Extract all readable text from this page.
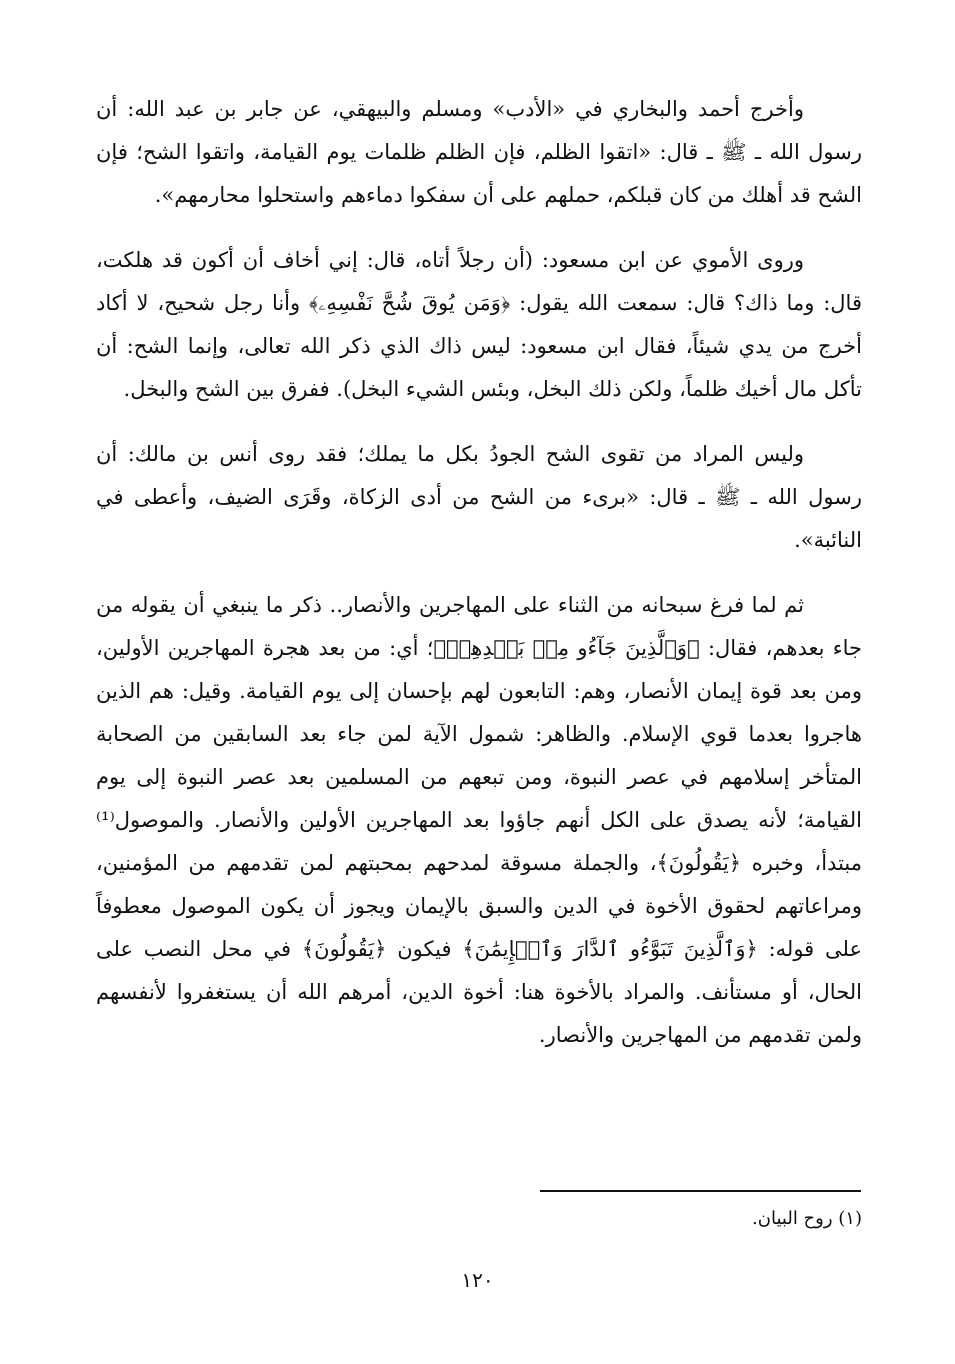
وأخرج أحمد والبخاري في «الأدب» ومسلم والبيهقي، عن جابر بن عبد الله: أن رسول الله ـ ﷺ ـ قال: «اتقوا الظلم، فإن الظلم ظلمات يوم القيامة، واتقوا الشح؛ فإن الشح قد أهلك من كان قبلكم، حملهم على أن سفكوا دماءهم واستحلوا محارمهم».

وروى الأموي عن ابن مسعود: (أن رجلاً أتاه، قال: إني أخاف أن أكون قد هلكت، قال: وما ذاك؟ قال: سمعت الله يقول: ﴿وَمَن يُوقَ شُحَّ نَفْسِهِۦ﴾ وأنا رجل شحيح، لا أكاد أخرج من يدي شيئاً، فقال ابن مسعود: ليس ذاك الذي ذكر الله تعالى، وإنما الشح: أن تأكل مال أخيك ظلماً، ولكن ذلك البخل، وبئس الشيء البخل). ففرق بين الشح والبخل.

وليس المراد من تقوى الشح الجودُ بكل ما يملك؛ فقد روى أنس بن مالك: أن رسول الله ـ ﷺ ـ قال: «برىء من الشح من أدى الزكاة، وقَرَى الضيف، وأعطى في النائبة».

ثم لما فرغ سبحانه من الثناء على المهاجرين والأنصار.. ذكر ما ينبغي أن يقوله من جاء بعدهم، فقال: ﴿وَٱلَّذِينَ جَآءُو مِنۢ بَعۡدِهِمۡ﴾؛ أي: من بعد هجرة المهاجرين الأولين، ومن بعد قوة إيمان الأنصار، وهم: التابعون لهم بإحسان إلى يوم القيامة. وقيل: هم الذين هاجروا بعدما قوي الإسلام. والظاهر: شمول الآية لمن جاء بعد السابقين من الصحابة المتأخر إسلامهم في عصر النبوة، ومن تبعهم من المسلمين بعد عصر النبوة إلى يوم القيامة؛ لأنه يصدق على الكل أنهم جاؤوا بعد المهاجرين الأولين والأنصار. والموصول⁽¹⁾ مبتدأ، وخبره ﴿يَقُولُونَ﴾، والجملة مسوقة لمدحهم بمحبتهم لمن تقدمهم من المؤمنين، ومراعاتهم لحقوق الأخوة في الدين والسبق بالإيمان ويجوز أن يكون الموصول معطوفاً على قوله: ﴿وَٱلَّذِينَ تَبَوَّءُو ٱلدَّارَ وَٱلۡإِيمَٰنَ﴾ فيكون ﴿يَقُولُونَ﴾ في محل النصب على الحال، أو مستأنف. والمراد بالأخوة هنا: أخوة الدين، أمرهم الله أن يستغفروا لأنفسهم ولمن تقدمهم من المهاجرين والأنصار.

(١) روح البيان.
١٢٠
